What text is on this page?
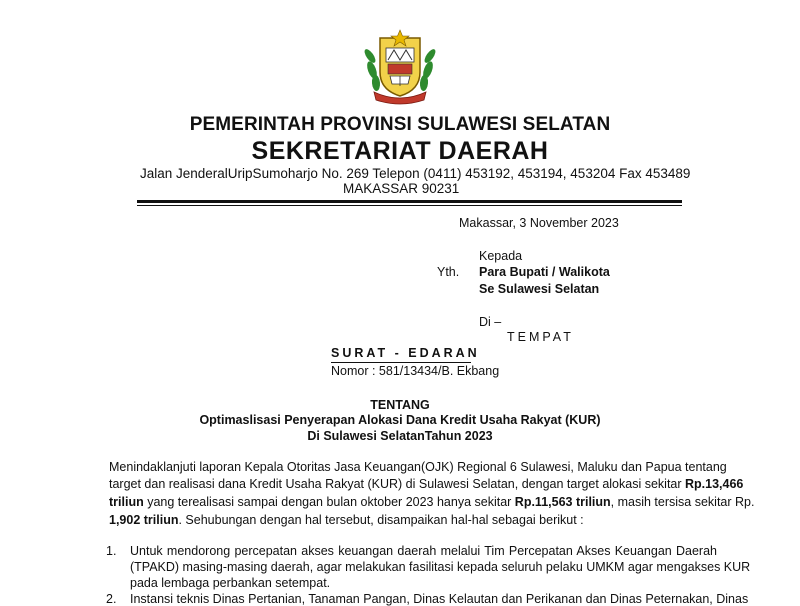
PEMERINTAH PROVINSI SULAWESI SELATAN
SEKRETARIAT DAERAH
Jalan JenderalUripSumoharjo No. 269 Telepon (0411) 453192, 453194, 453204 Fax 453489
MAKASSAR 90231
Makassar, 3 November 2023
Kepada
Yth. Para Bupati / Walikota
Se Sulawesi Selatan
Di –
TEMPAT
SURAT - EDARAN
Nomor : 581/13434/B. Ekbang
TENTANG
Optimaslisasi Penyerapan Alokasi Dana Kredit Usaha Rakyat (KUR)
Di Sulawesi SelatanTahun 2023
Menindaklanjuti laporan Kepala Otoritas Jasa Keuangan(OJK) Regional 6 Sulawesi, Maluku dan Papua tentang
target dan realisasi dana Kredit Usaha Rakyat (KUR) di Sulawesi Selatan, dengan target alokasi sekitar Rp.13,466
triliun yang terealisasi sampai dengan bulan oktober 2023 hanya sekitar Rp.11,563 triliun, masih tersisa sekitar Rp.
1,902 triliun. Sehubungan dengan hal tersebut, disampaikan hal-hal sebagai berikut :
1. Untuk mendorong percepatan akses keuangan daerah melalui Tim Percepatan Akses Keuangan Daerah
(TPAKD) masing-masing daerah, agar melakukan fasilitasi kepada seluruh pelaku UMKM agar mengakses KUR
pada lembaga perbankan setempat.
2. Instansi teknis Dinas Pertanian, Tanaman Pangan, Dinas Kelautan dan Perikanan dan Dinas Peternakan, Dinas
